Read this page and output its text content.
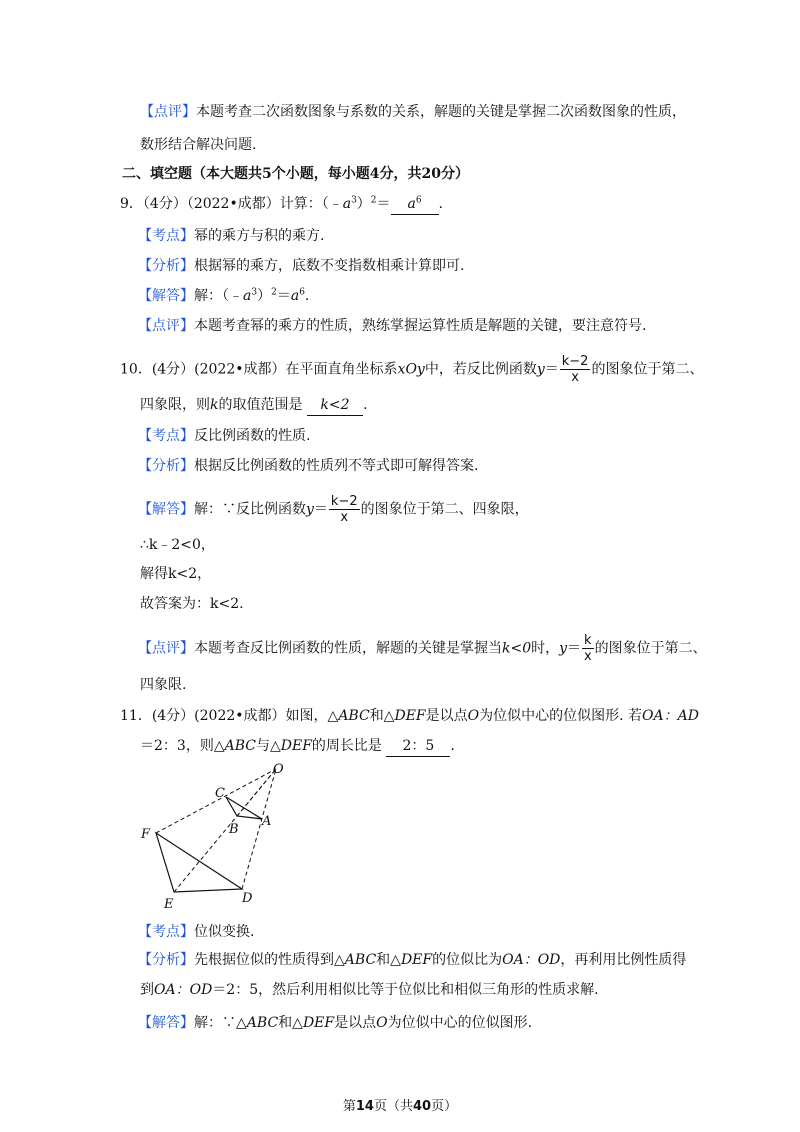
【点评】本题考查二次函数图象与系数的关系，解题的关键是掌握二次函数图象的性质，
数形结合解决问题.
二、填空题（本大题共5个小题，每小题4分，共20分）
9．（4分）（2022•成都）计算：$(﹣a^3)^2= a^6$ .
【考点】幂的乘方与积的乘方.
【分析】根据幂的乘方，底数不变指数相乘计算即可.
【解答】解：$(﹣a^3)^2=a^6$.
【点评】本题考查幂的乘方的性质，熟练掌握运算性质是解题的关键，要注意符号.
10．(4分）(2022•成都）在平面直角坐标系xOy中，若反比例函数$y= \frac{k-2}{x}$ 的图象位于第二、
四象限，则k的取值范围是 k<2 .
【考点】反比例函数的性质.
【分析】根据反比例函数的性质列不等式即可解得答案.
【解答】解：∵反比例函数$y= \frac{k-2}{x}$ 的图象位于第二、四象限，
∴k﹣2<0，
解得k<2，
故答案为：k<2.
【点评】本题考查反比例函数的性质，解题的关键是掌握当k<0时，$y= \frac{k}{x}$ 的图象位于第二、
四象限.
11．(4分）(2022•成都）如图，△ABC和△DEF是以点O为位似中心的位似图形. 若OA：AD
＝2：3，则△ABC与△DEF的周长比是 2：5 .
O
C
B
A
F
E	D
【考点】位似变换.
【分析】先根据位似的性质得到△ABC和△DEF的位似比为OA：OD，再利用比例性质得
到OA：OD＝2：5，然后利用相似比等于位似比和相似三角形的性质求解.
【解答】解：∵△ABC和△DEF是以点O为位似中心的位似图形.
第14页（共40页）
